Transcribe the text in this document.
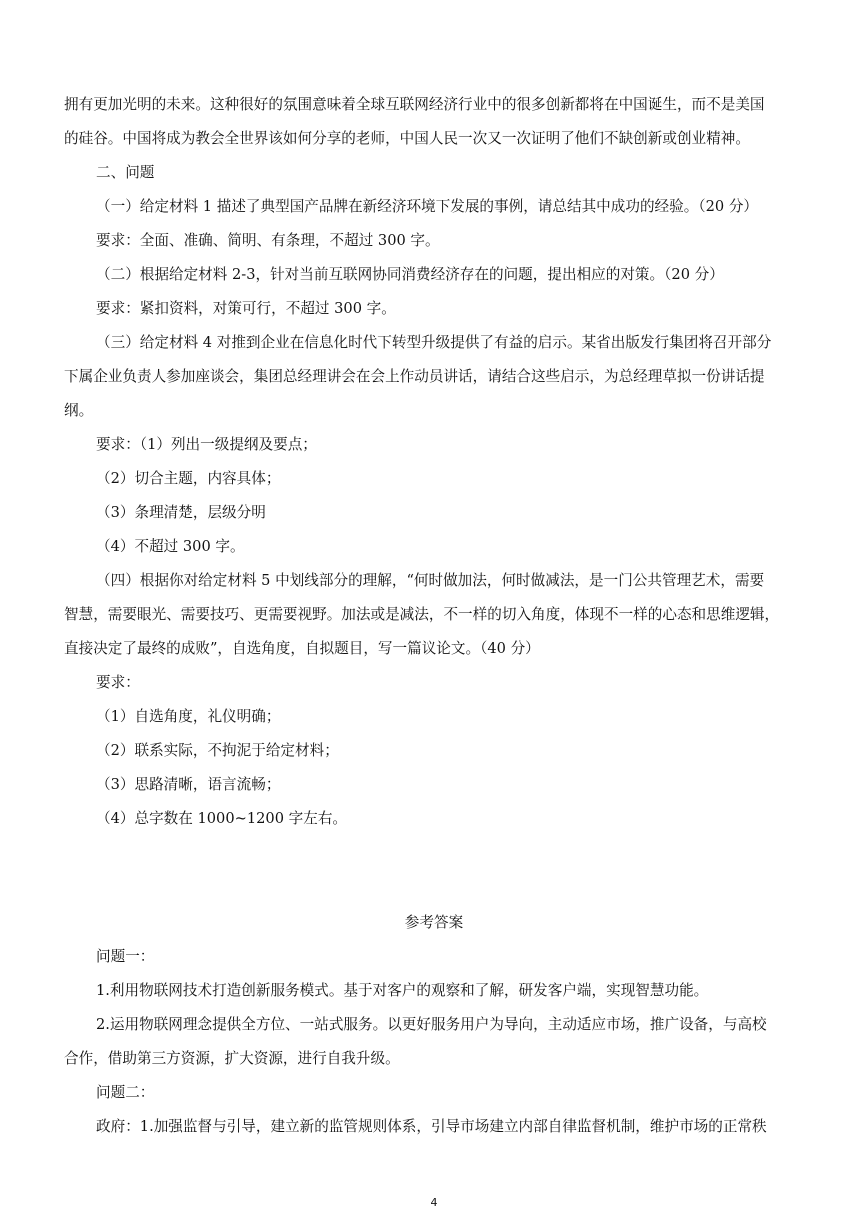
拥有更加光明的未来。这种很好的氛围意味着全球互联网经济行业中的很多创新都将在中国诞生，而不是美国
的硅谷。中国将成为教会全世界该如何分享的老师，中国人民一次又一次证明了他们不缺创新或创业精神。
二、问题
（一）给定材料 1 描述了典型国产品牌在新经济环境下发展的事例，请总结其中成功的经验。（20 分）
要求：全面、准确、简明、有条理，不超过 300 字。
（二）根据给定材料 2-3，针对当前互联网协同消费经济存在的问题，提出相应的对策。（20 分）
要求：紧扣资料，对策可行，不超过 300 字。
（三）给定材料 4 对推到企业在信息化时代下转型升级提供了有益的启示。某省出版发行集团将召开部分
下属企业负责人参加座谈会，集团总经理讲会在会上作动员讲话，请结合这些启示，为总经理草拟一份讲话提
纲。
要求：（1）列出一级提纲及要点；
（2）切合主题，内容具体；
（3）条理清楚，层级分明
（4）不超过 300 字。
（四）根据你对给定材料 5 中划线部分的理解，“何时做加法，何时做减法，是一门公共管理艺术，需要
智慧，需要眼光、需要技巧、更需要视野。加法或是减法，不一样的切入角度，体现不一样的心态和思维逻辑，
直接决定了最终的成败”，自选角度，自拟题目，写一篇议论文。（40 分）
要求：
（1）自选角度，礼仪明确；
（2）联系实际，不拘泥于给定材料；
（3）思路清晰，语言流畅；
（4）总字数在 1000~1200 字左右。
参考答案
问题一：
1.利用物联网技术打造创新服务模式。基于对客户的观察和了解，研发客户端，实现智慧功能。
2.运用物联网理念提供全方位、一站式服务。以更好服务用户为导向，主动适应市场，推广设备，与高校
合作，借助第三方资源，扩大资源，进行自我升级。
问题二：
政府：1.加强监督与引导，建立新的监管规则体系，引导市场建立内部自律监督机制，维护市场的正常秩
4
